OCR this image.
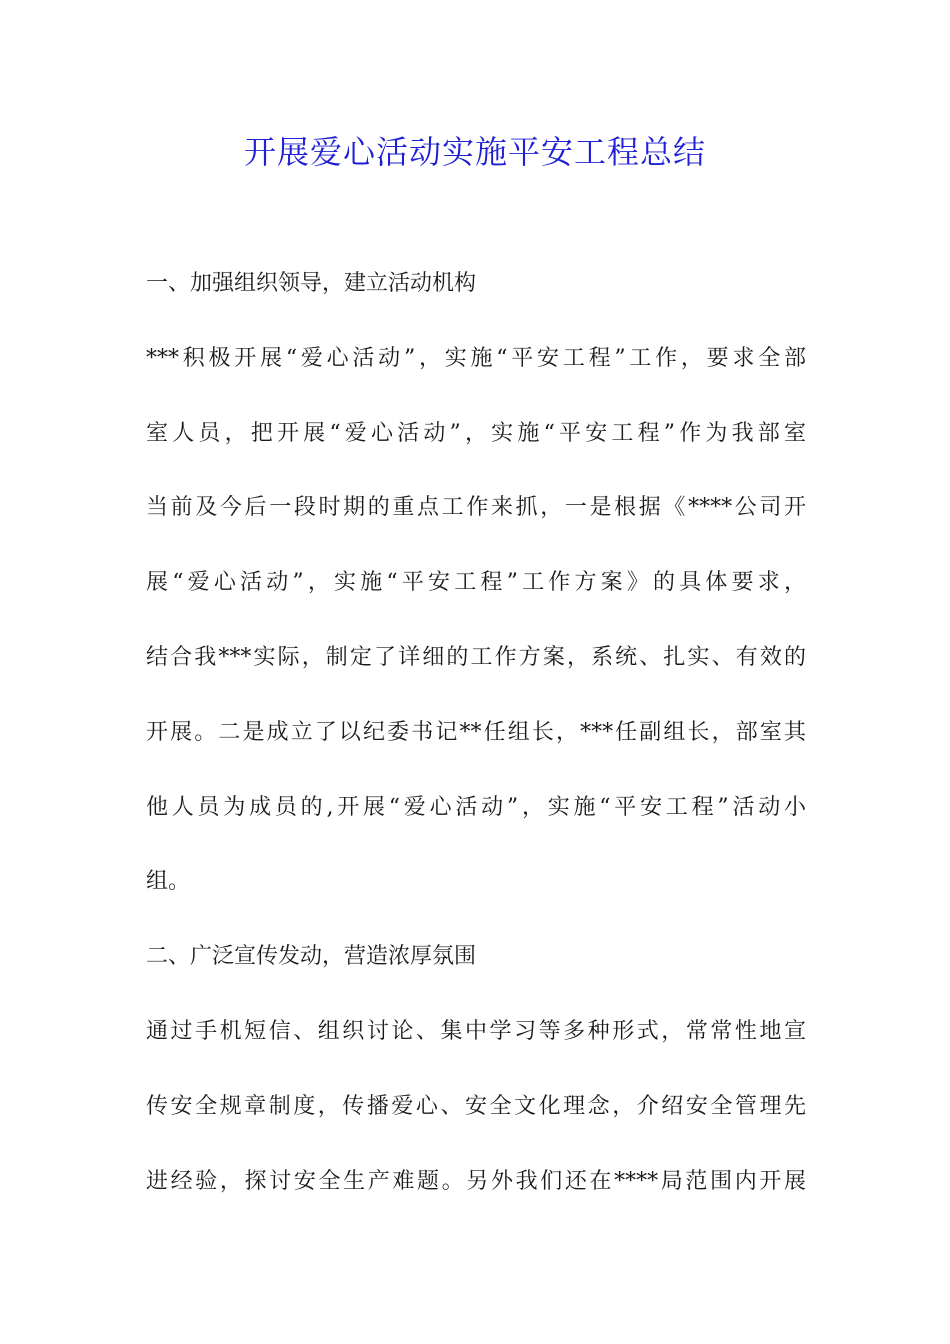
开展爱心活动实施平安工程总结
一、加强组织领导，建立活动机构
***积极开展“爱心活动”，实施“平安工程”工作，要求全部
室人员，把开展“爱心活动”，实施“平安工程”作为我部室
当前及今后一段时期的重点工作来抓，一是根据《****公司开
展“爱心活动”，实施“平安工程”工作方案》的具体要求，
结合我***实际，制定了详细的工作方案，系统、扎实、有效的
开展。二是成立了以纪委书记**任组长，***任副组长，部室其
他人员为成员的,开展“爱心活动”，实施“平安工程”活动小
组。
二、广泛宣传发动，营造浓厚氛围
通过手机短信、组织讨论、集中学习等多种形式，常常性地宣
传安全规章制度，传播爱心、安全文化理念，介绍安全管理先
进经验，探讨安全生产难题。另外我们还在****局范围内开展
